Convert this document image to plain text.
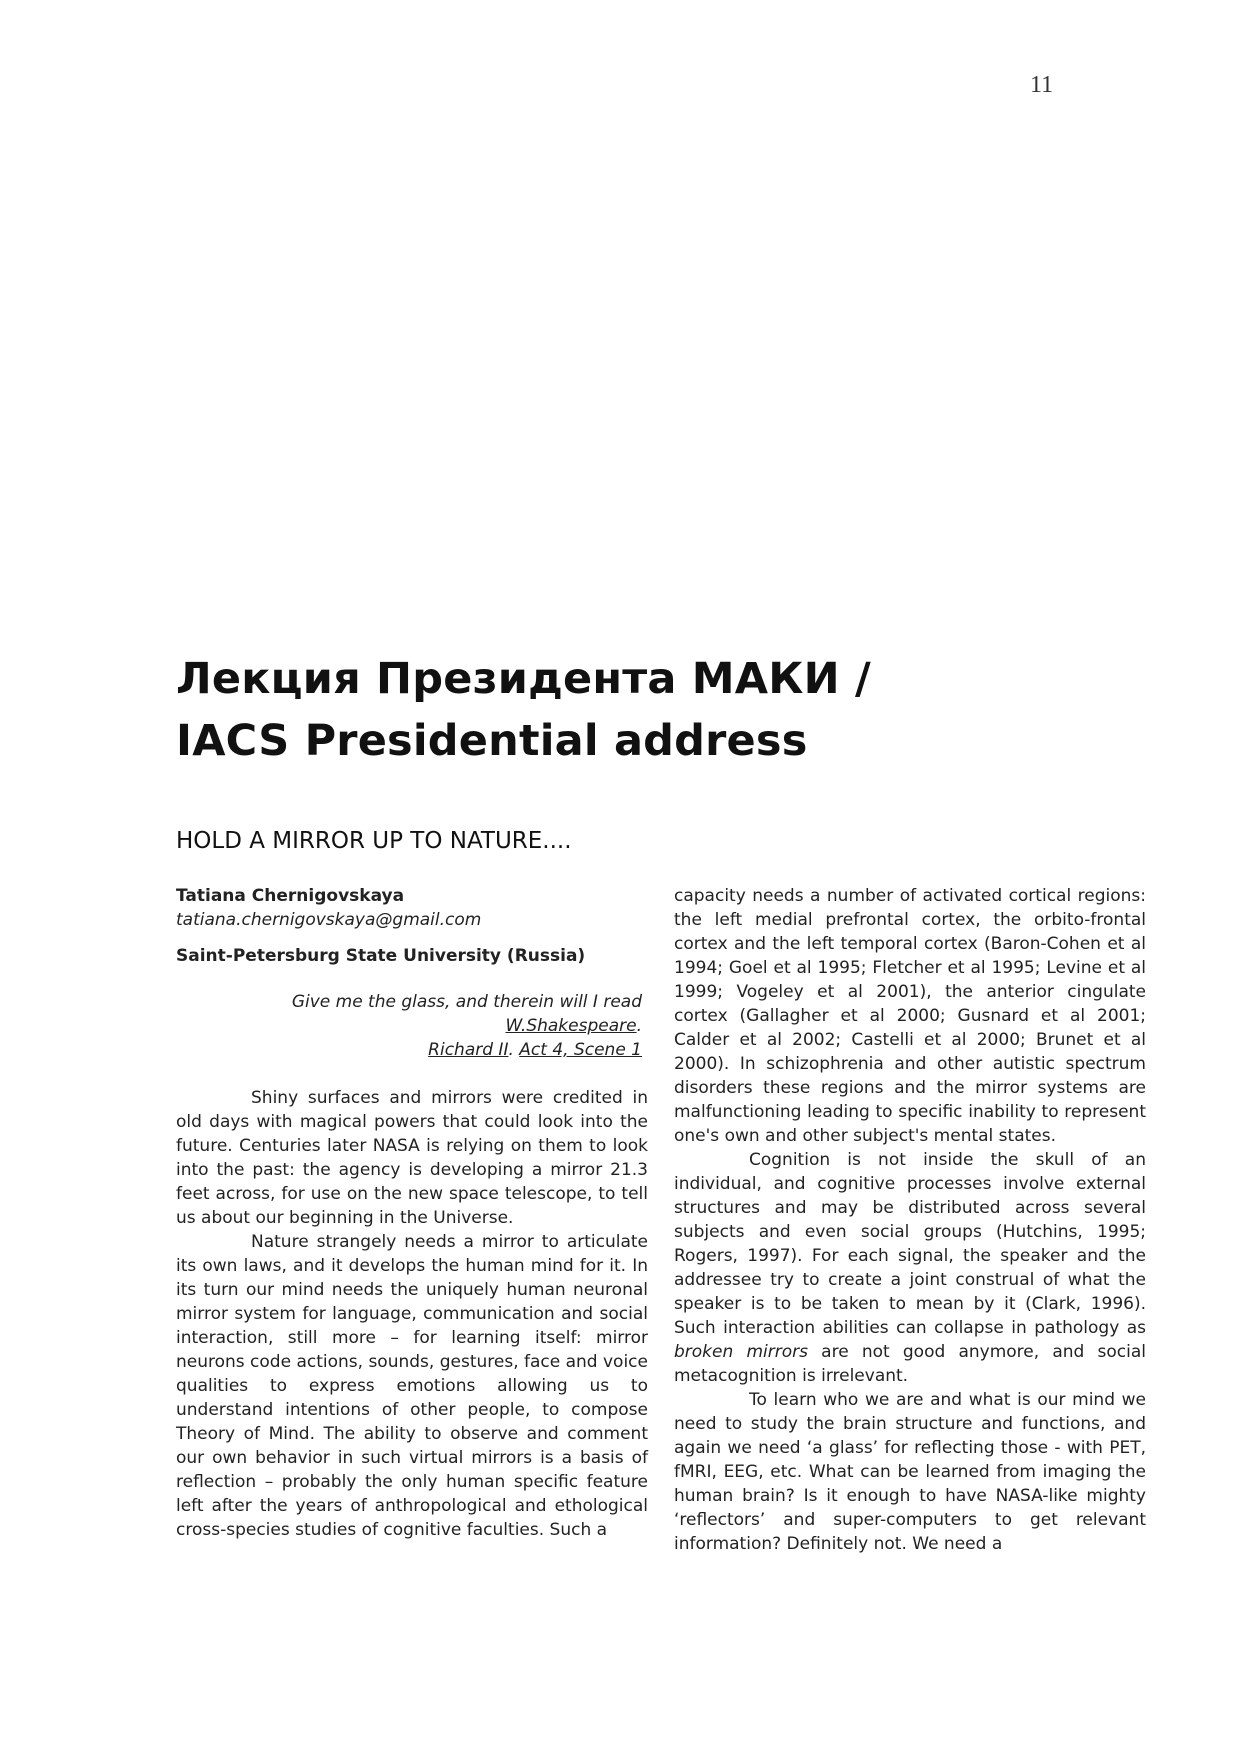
11
Лекция Президента МАКИ /
IACS Presidential address
HOLD A MIRROR UP TO NATURE....

Tatiana Chernigovskaya

tatiana.chernigovskaya@gmail.com

Saint-Petersburg State University (Russia)

Give me the glass, and therein will I read
W.Shakespeare.
Richard II. Act 4, Scene 1

Shiny surfaces and mirrors were credited in old days with magical powers that could look into the future. Centuries later NASA is relying on them to look into the past: the agency is developing a mirror 21.3 feet across, for use on the new space telescope, to tell us about our beginning in the Universe.

Nature strangely needs a mirror to articulate its own laws, and it develops the human mind for it. In its turn our mind needs the uniquely human neuronal mirror system for language, communication and social interaction, still more – for learning itself: mirror neurons code actions, sounds, gestures, face and voice qualities to express emotions allowing us to understand intentions of other people, to compose Theory of Mind. The ability to observe and comment our own behavior in such virtual mirrors is a basis of reflection – probably the only human specific feature left after the years of anthropological and ethological cross-species studies of cognitive faculties. Such a

capacity needs a number of activated cortical regions: the left medial prefrontal cortex, the orbito-frontal cortex and the left temporal cortex (Baron-Cohen et al 1994; Goel et al 1995; Fletcher et al 1995; Levine et al 1999; Vogeley et al 2001), the anterior cingulate cortex (Gallagher et al 2000; Gusnard et al 2001; Calder et al 2002; Castelli et al 2000; Brunet et al 2000). In schizophrenia and other autistic spectrum disorders these regions and the mirror systems are malfunctioning leading to specific inability to represent one's own and other subject's mental states.

Cognition is not inside the skull of an individual, and cognitive processes involve external structures and may be distributed across several subjects and even social groups (Hutchins, 1995; Rogers, 1997). For each signal, the speaker and the addressee try to create a joint construal of what the speaker is to be taken to mean by it (Clark, 1996). Such interaction abilities can collapse in pathology as broken mirrors are not good anymore, and social metacognition is irrelevant.

To learn who we are and what is our mind we need to study the brain structure and functions, and again we need ‘a glass’ for reflecting those - with PET, fMRI, EEG, etc. What can be learned from imaging the human brain? Is it enough to have NASA-like mighty ‘reflectors’ and super-computers to get relevant information? Definitely not. We need a
